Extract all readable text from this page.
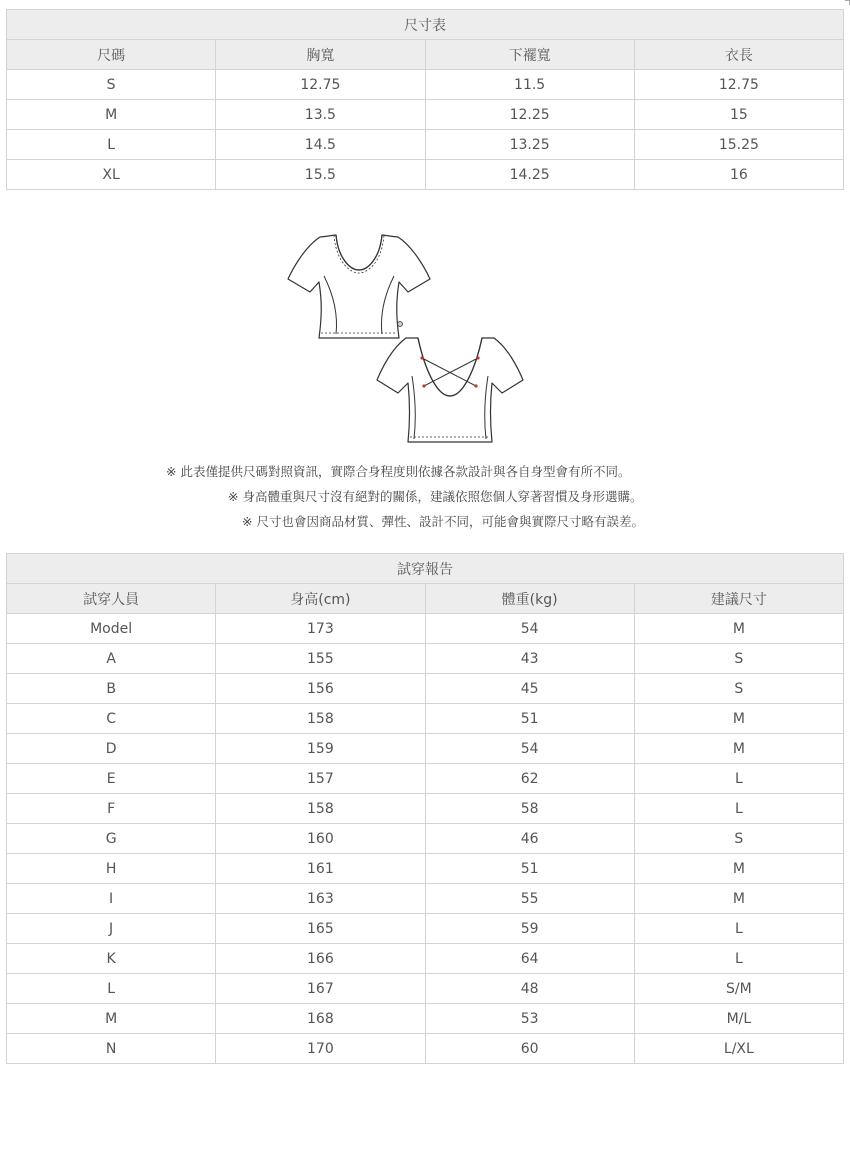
尺寸表			
尺碼	胸寬	下襬寬	衣長
S	12.75	11.5	12.75
M	13.5	12.25	15
L	14.5	13.25	15.25
XL	15.5	14.25	16
※ 此表僅提供尺碼對照資訊，實際合身程度則依據各款設計與各自身型會有所不同。
※ 身高體重與尺寸沒有絕對的關係，建議依照您個人穿著習慣及身形選購。
※ 尺寸也會因商品材質、彈性、設計不同，可能會與實際尺寸略有誤差。
試穿報告			
試穿人員	身高(cm)	體重(kg)	建議尺寸
Model	173	54	M
A	155	43	S
B	156	45	S
C	158	51	M
D	159	54	M
E	157	62	L
F	158	58	L
G	160	46	S
H	161	51	M
I	163	55	M
J	165	59	L
K	166	64	L
L	167	48	S/M
M	168	53	M/L
N	170	60	L/XL
